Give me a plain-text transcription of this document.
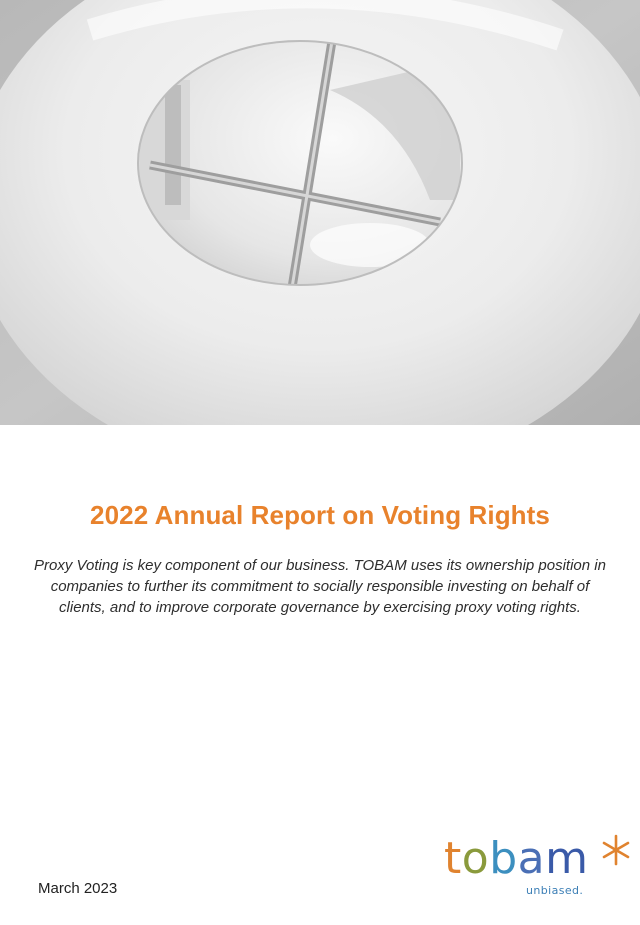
2022 Annual Report on Voting Rights
Proxy Voting is key component of our business. TOBAM uses its ownership position in companies to further its commitment to socially responsible investing on behalf of clients, and to improve corporate governance by exercising proxy voting rights.
March 2023
tobam
unbiased.
